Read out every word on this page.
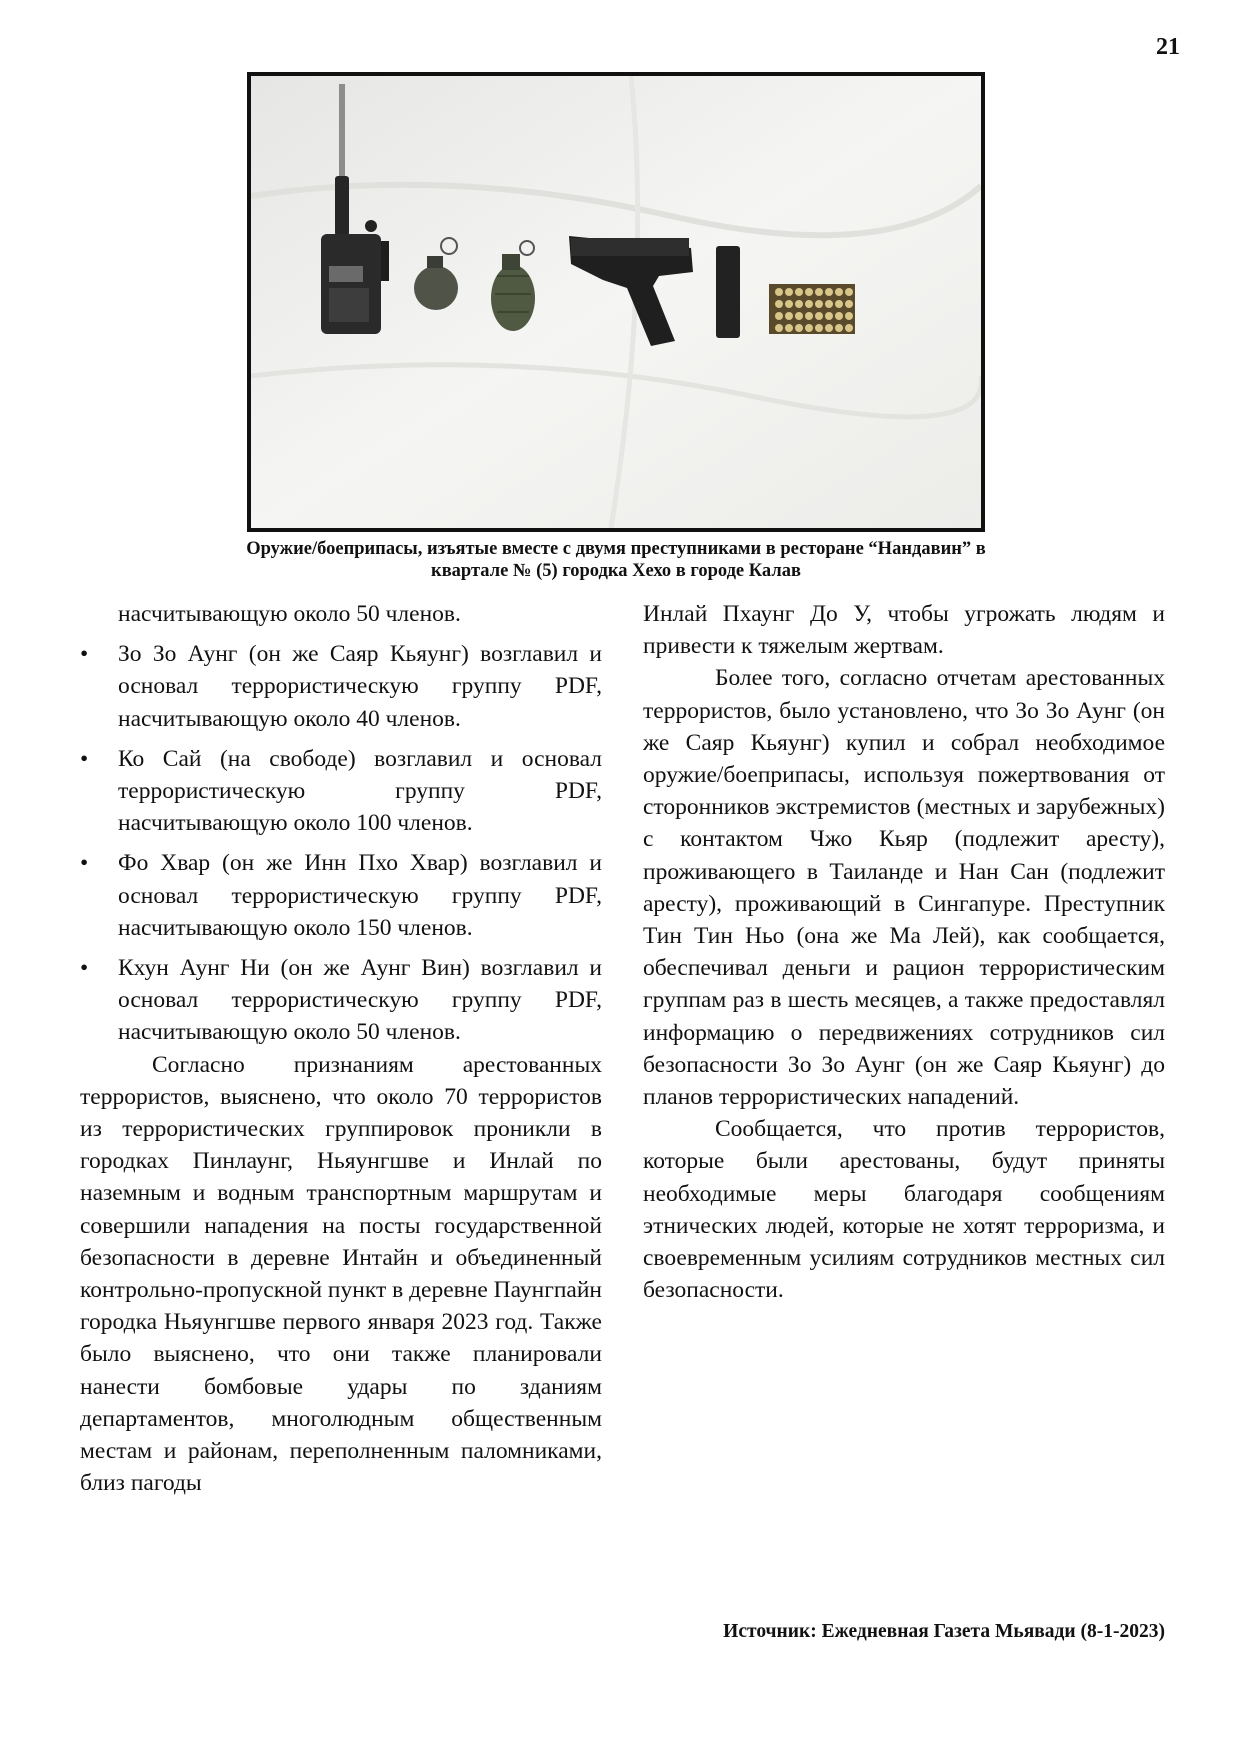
21
Оружие/боеприпасы, изъятые вместе с двумя преступниками в ресторане “Нандавин” в
квартале № (5) городка Хехо в городе Калав

насчитывающую около 50 членов.

• Зо Зо Аунг (он же Саяр Кьяунг) возглавил и основал террористическую группу PDF, насчитывающую около 40 членов.
• Ко Сай (на свободе) возглавил и основал террористическую группу PDF, насчитывающую около 100 членов.
• Фо Хвар (он же Инн Пхо Хвар) возглавил и основал террористическую группу PDF, насчитывающую около 150 членов.
• Кхун Аунг Ни (он же Аунг Вин) возглавил и основал террористическую группу PDF, насчитывающую около 50 членов.

Согласно признаниям арестованных террористов, выяснено, что около 70 террористов из террористических группировок проникли в городках Пинлаунг, Ньяунгшве и Инлай по наземным и водным транспортным маршрутам и совершили нападения на посты государственной безопасности в деревне Интайн и объединенный контрольно-пропускной пункт в деревне Паунгпайн городка Ньяунгшве первого января 2023 год. Также было выяснено, что они также планировали нанести бомбовые удары по зданиям департаментов, многолюдным общественным местам и районам, переполненным паломниками, близ пагоды

Инлай Пхаунг До У, чтобы угрожать людям и привести к тяжелым жертвам.

Более того, согласно отчетам арестованных террористов, было установлено, что Зо Зо Аунг (он же Саяр Кьяунг) купил и собрал необходимое оружие/боеприпасы, используя пожертвования от сторонников экстремистов (местных и зарубежных) с контактом Чжо Кьяр (подлежит аресту), проживающего в Таиланде и Нан Сан (подлежит аресту), проживающий в Сингапуре. Преступник Тин Тин Ньо (она же Ма Лей), как сообщается, обеспечивал деньги и рацион террористическим группам раз в шесть месяцев, а также предоставлял информацию о передвижениях сотрудников сил безопасности Зо Зо Аунг (он же Саяр Кьяунг) до планов террористических нападений.

Сообщается, что против террористов, которые были арестованы, будут приняты необходимые меры благодаря сообщениям этнических людей, которые не хотят терроризма, и своевременным усилиям сотрудников местных сил безопасности.

Источник: Ежедневная Газета Мьявади (8-1-2023)
